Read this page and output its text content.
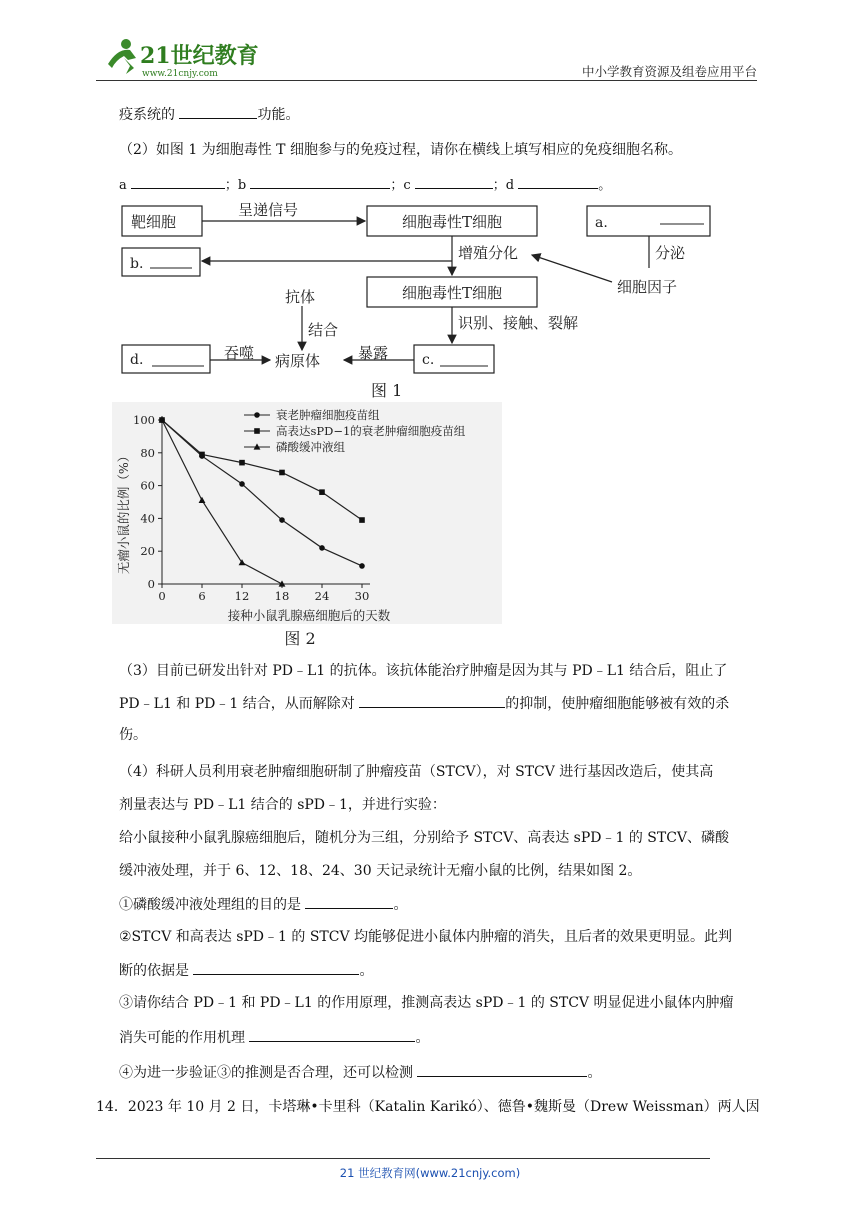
21世纪教育
www.21cnjy.com	中小学教育资源及组卷应用平台
疫系统的	功能。
（2）如图 1 为细胞毒性 T 细胞参与的免疫过程，请你在横线上填写相应的免疫细胞名称。
a	；b	；c	；d	。
靶细胞
呈递信号
细胞毒性T细胞	a.
分泌
增殖分化
b.
细胞因子
细胞毒性T细胞
抗体
结合	识别、接触、裂解
d.	吞噬 病原体	暴露 c.
图 1
0	6	12 18 24 30
0
20
40
60
80
100	衰老肿瘤细胞疫苗组
高表达sPD−1的衰老肿瘤细胞疫苗组
磷酸缓冲液组
无瘤小鼠的比例（%）
接种小鼠乳腺癌细胞后的天数
图 2
（3）目前已研发出针对 PD﹣L1 的抗体。该抗体能治疗肿瘤是因为其与 PD﹣L1 结合后，阻止了
PD﹣L1 和 PD﹣1 结合，从而解除对	的抑制，使肿瘤细胞能够被有效的杀
伤。
（4）科研人员利用衰老肿瘤细胞研制了肿瘤疫苗（STCV），对 STCV 进行基因改造后，使其高
剂量表达与 PD﹣L1 结合的 sPD﹣1，并进行实验：
给小鼠接种小鼠乳腺癌细胞后，随机分为三组，分别给予 STCV、高表达 sPD﹣1 的 STCV、磷酸
缓冲液处理，并于 6、12、18、24、30 天记录统计无瘤小鼠的比例，结果如图 2。
①磷酸缓冲液处理组的目的是	。
②STCV 和高表达 sPD﹣1 的 STCV 均能够促进小鼠体内肿瘤的消失，且后者的效果更明显。此判
断的依据是	。
③请你结合 PD﹣1 和 PD﹣L1 的作用原理，推测高表达 sPD﹣1 的 STCV 明显促进小鼠体内肿瘤
消失可能的作用机理	。
④为进一步验证③的推测是否合理，还可以检测	。
14．2023 年 10 月 2 日，卡塔琳•卡里科（Katalin Karikó）、德鲁•魏斯曼（Drew Weissman）两人因
21 世纪教育网(www.21cnjy.com)
